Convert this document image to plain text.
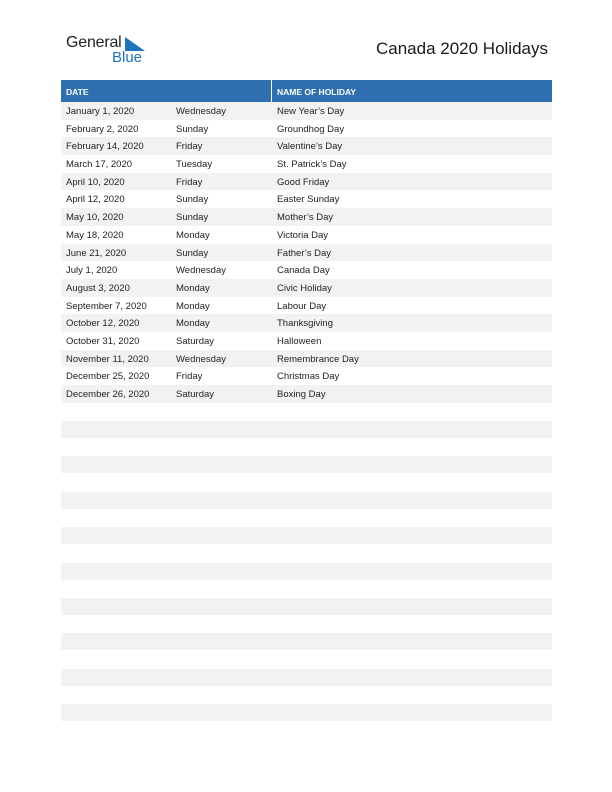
General
Blue	Canada 2020 Holidays
DATE	NAME OF HOLIDAY
January 1, 2020	Wednesday	New Year’s Day
February 2, 2020	Sunday	Groundhog Day
February 14, 2020	Friday	Valentine’s Day
March 17, 2020	Tuesday	St. Patrick’s Day
April 10, 2020	Friday	Good Friday
April 12, 2020	Sunday	Easter Sunday
May 10, 2020	Sunday	Mother’s Day
May 18, 2020	Monday	Victoria Day
June 21, 2020	Sunday	Father’s Day
July 1, 2020	Wednesday	Canada Day
August 3, 2020	Monday	Civic Holiday
September 7, 2020	Monday	Labour Day
October 12, 2020	Monday	Thanksgiving
October 31, 2020	Saturday	Halloween
November 11, 2020	Wednesday	Remembrance Day
December 25, 2020	Friday	Christmas Day
December 26, 2020	Saturday	Boxing Day
